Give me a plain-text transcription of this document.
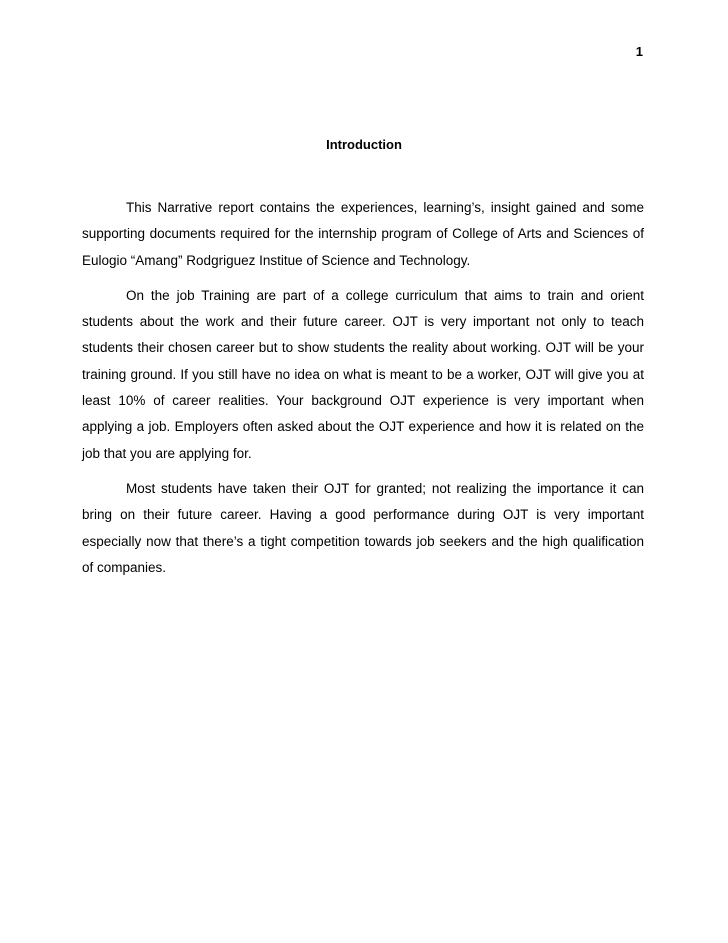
1
Introduction

This Narrative report contains the experiences, learning’s, insight gained and some supporting documents required for the internship program of College of Arts and Sciences of Eulogio “Amang” Rodgriguez Institue of Science and Technology.

On the job Training are part of a college curriculum that aims to train and orient students about the work and their future career. OJT is very important not only to teach students their chosen career but to show students the reality about working. OJT will be your training ground. If you still have no idea on what is meant to be a worker, OJT will give you at least 10% of career realities. Your background OJT experience is very important when applying a job. Employers often asked about the OJT experience and how it is related on the job that you are applying for.

Most students have taken their OJT for granted; not realizing the importance it can bring on their future career. Having a good performance during OJT is very important especially now that there’s a tight competition towards job seekers and the high qualification of companies.
